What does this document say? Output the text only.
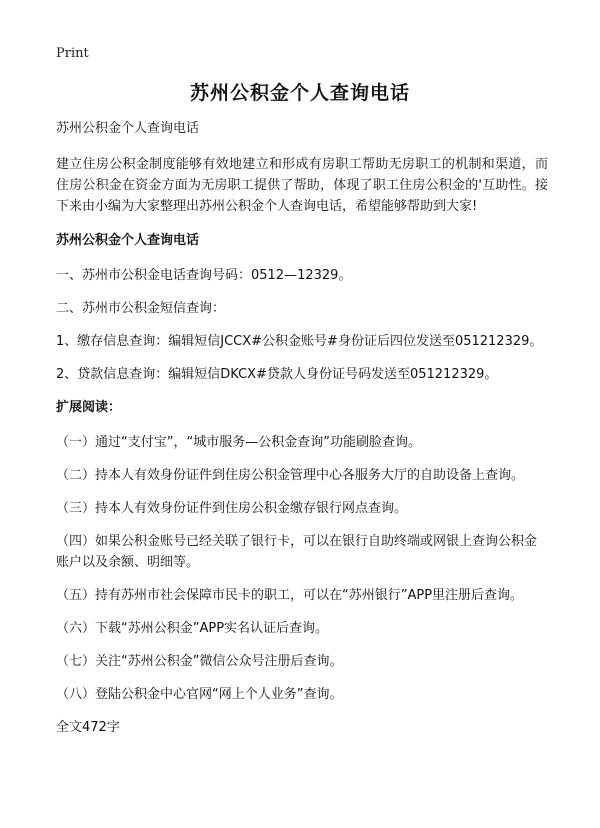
Print
苏州公积金个人查询电话

苏州公积金个人查询电话

建立住房公积金制度能够有效地建立和形成有房职工帮助无房职工的机制和渠道，而住房公积金在资金方面为无房职工提供了帮助，体现了职工住房公积金的'互助性。接下来由小编为大家整理出苏州公积金个人查询电话，希望能够帮助到大家!

苏州公积金个人查询电话

一、苏州市公积金电话查询号码：0512—12329。

二、苏州市公积金短信查询：

1、缴存信息查询：编辑短信JCCX#公积金账号#身份证后四位发送至051212329。

2、贷款信息查询：编辑短信DKCX#贷款人身份证号码发送至051212329。

扩展阅读：

（一）通过“支付宝”，“城市服务—公积金查询”功能刷脸查询。

（二）持本人有效身份证件到住房公积金管理中心各服务大厅的自助设备上查询。

（三）持本人有效身份证件到住房公积金缴存银行网点查询。

（四）如果公积金账号已经关联了银行卡，可以在银行自助终端或网银上查询公积金账户以及余额、明细等。

（五）持有苏州市社会保障市民卡的职工，可以在“苏州银行”APP里注册后查询。

（六）下载“苏州公积金”APP实名认证后查询。

（七）关注“苏州公积金”微信公众号注册后查询。

（八）登陆公积金中心官网“网上个人业务”查询。

全文472字
